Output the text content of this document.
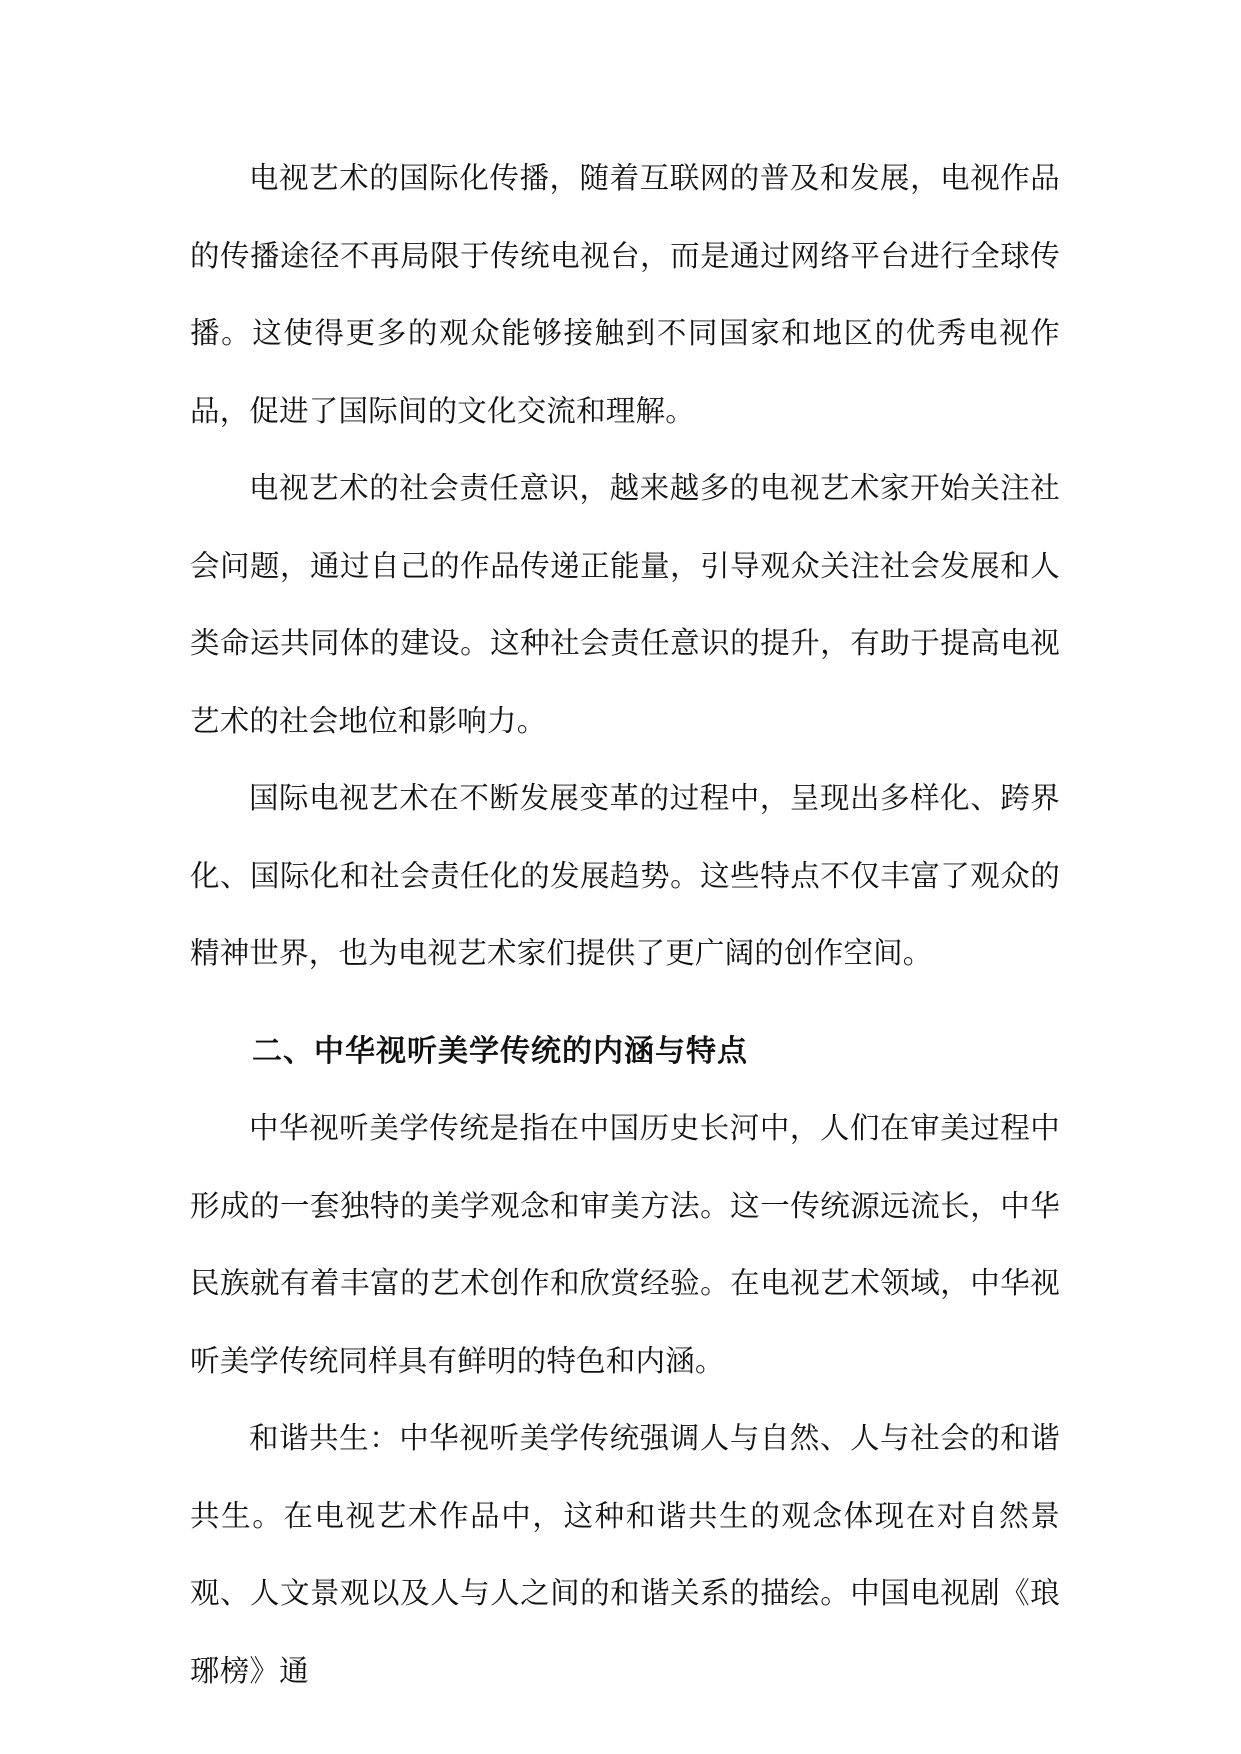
电视艺术的国际化传播，随着互联网的普及和发展，电视作品的传播途径不再局限于传统电视台，而是通过网络平台进行全球传播。这使得更多的观众能够接触到不同国家和地区的优秀电视作品，促进了国际间的文化交流和理解。

电视艺术的社会责任意识，越来越多的电视艺术家开始关注社会问题，通过自己的作品传递正能量，引导观众关注社会发展和人类命运共同体的建设。这种社会责任意识的提升，有助于提高电视艺术的社会地位和影响力。

国际电视艺术在不断发展变革的过程中，呈现出多样化、跨界化、国际化和社会责任化的发展趋势。这些特点不仅丰富了观众的精神世界，也为电视艺术家们提供了更广阔的创作空间。

二、中华视听美学传统的内涵与特点

中华视听美学传统是指在中国历史长河中，人们在审美过程中形成的一套独特的美学观念和审美方法。这一传统源远流长，中华民族就有着丰富的艺术创作和欣赏经验。在电视艺术领域，中华视听美学传统同样具有鲜明的特色和内涵。

和谐共生：中华视听美学传统强调人与自然、人与社会的和谐共生。在电视艺术作品中，这种和谐共生的观念体现在对自然景观、人文景观以及人与人之间的和谐关系的描绘。中国电视剧《琅琊榜》通
